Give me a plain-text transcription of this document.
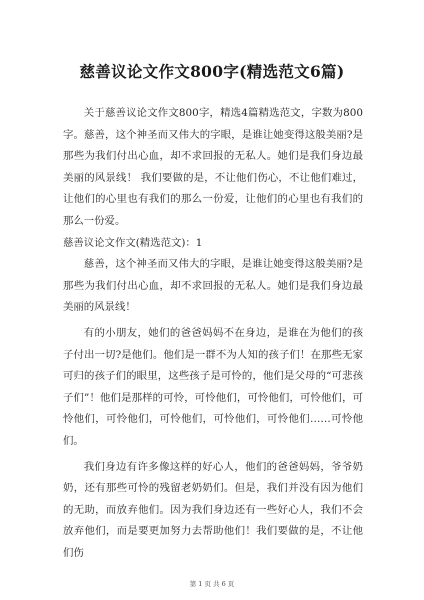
慈善议论文作文800字(精选范文6篇)

关于慈善议论文作文800字，精选4篇精选范文，字数为800字。慈善，这个神圣而又伟大的字眼，是谁让她变得这般美丽?是那些为我们付出心血，却不求回报的无私人。她们是我们身边最美丽的风景线！ 我们要做的是，不让他们伤心，不让他们难过，让他们的心里也有我们的那么一份爱，让他们的心里也有我们的那么一份爱。

慈善议论文作文(精选范文)：1

慈善，这个神圣而又伟大的字眼，是谁让她变得这般美丽?是那些为我们付出心血，却不求回报的无私人。她们是我们身边最美丽的风景线！

有的小朋友，她们的爸爸妈妈不在身边，是谁在为他们的孩子付出一切?是他们。他们是一群不为人知的孩子们！在那些无家可归的孩子们的眼里，这些孩子是可怜的，他们是父母的“可悲孩子们”！他们是那样的可怜，可怜他们，可怜他们，可怜他们，可怜他们，可怜他们，可怜他们，可怜他们，可怜他们……可怜他们。

我们身边有许多像这样的好心人，他们的爸爸妈妈，爷爷奶奶，还有那些可怜的残留老奶奶们。但是，我们并没有因为他们的无助，而放弃他们。因为我们身边还有一些好心人，我们不会放弃他们，而是要更加努力去帮助他们！我们要做的是，不让他们伤

第 1 页 共 6 页
